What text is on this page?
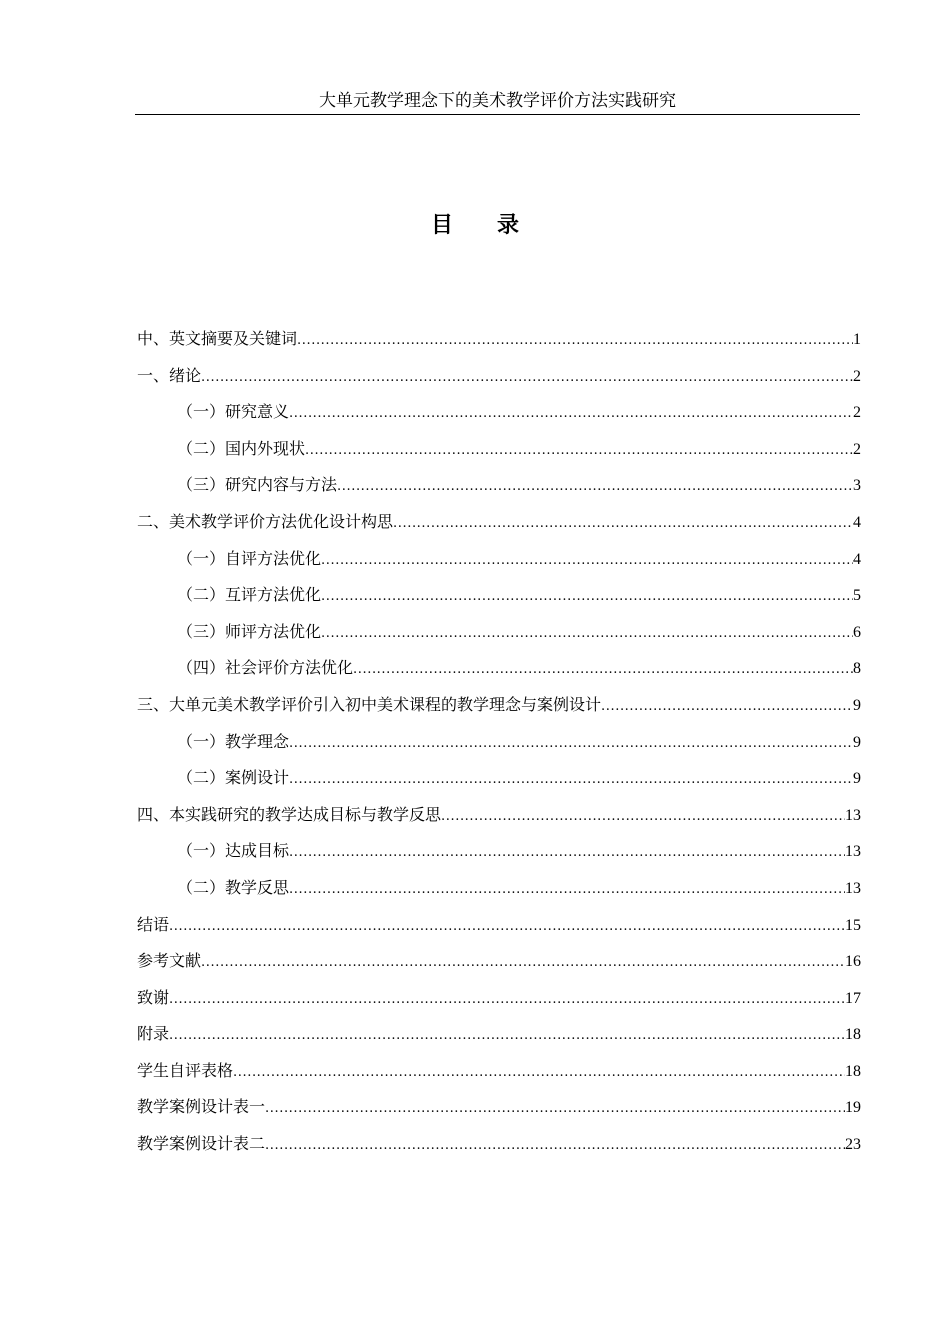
大单元教学理念下的美术教学评价方法实践研究
目录
中、英文摘要及关键词 .....	1
一、绪论 .....	2
（一）研究意义 .....	2
（二）国内外现状 .....	2
（三）研究内容与方法 .....	3
二、美术教学评价方法优化设计构思 .....	4
（一）自评方法优化 .....	4
（二）互评方法优化 .....	5
（三）师评方法优化 .....	6
（四）社会评价方法优化 .....	8
三、大单元美术教学评价引入初中美术课程的教学理念与案例设计 .....	9
（一）教学理念 .....	9
（二）案例设计 .....	9
四、本实践研究的教学达成目标与教学反思 .....	13
（一）达成目标 .....	13
（二）教学反思 .....	13
结语 .....	15
参考文献 .....	16
致谢 .....	17
附录 .....	18
学生自评表格 .....	18
教学案例设计表一 .....	19
教学案例设计表二 .....	23
